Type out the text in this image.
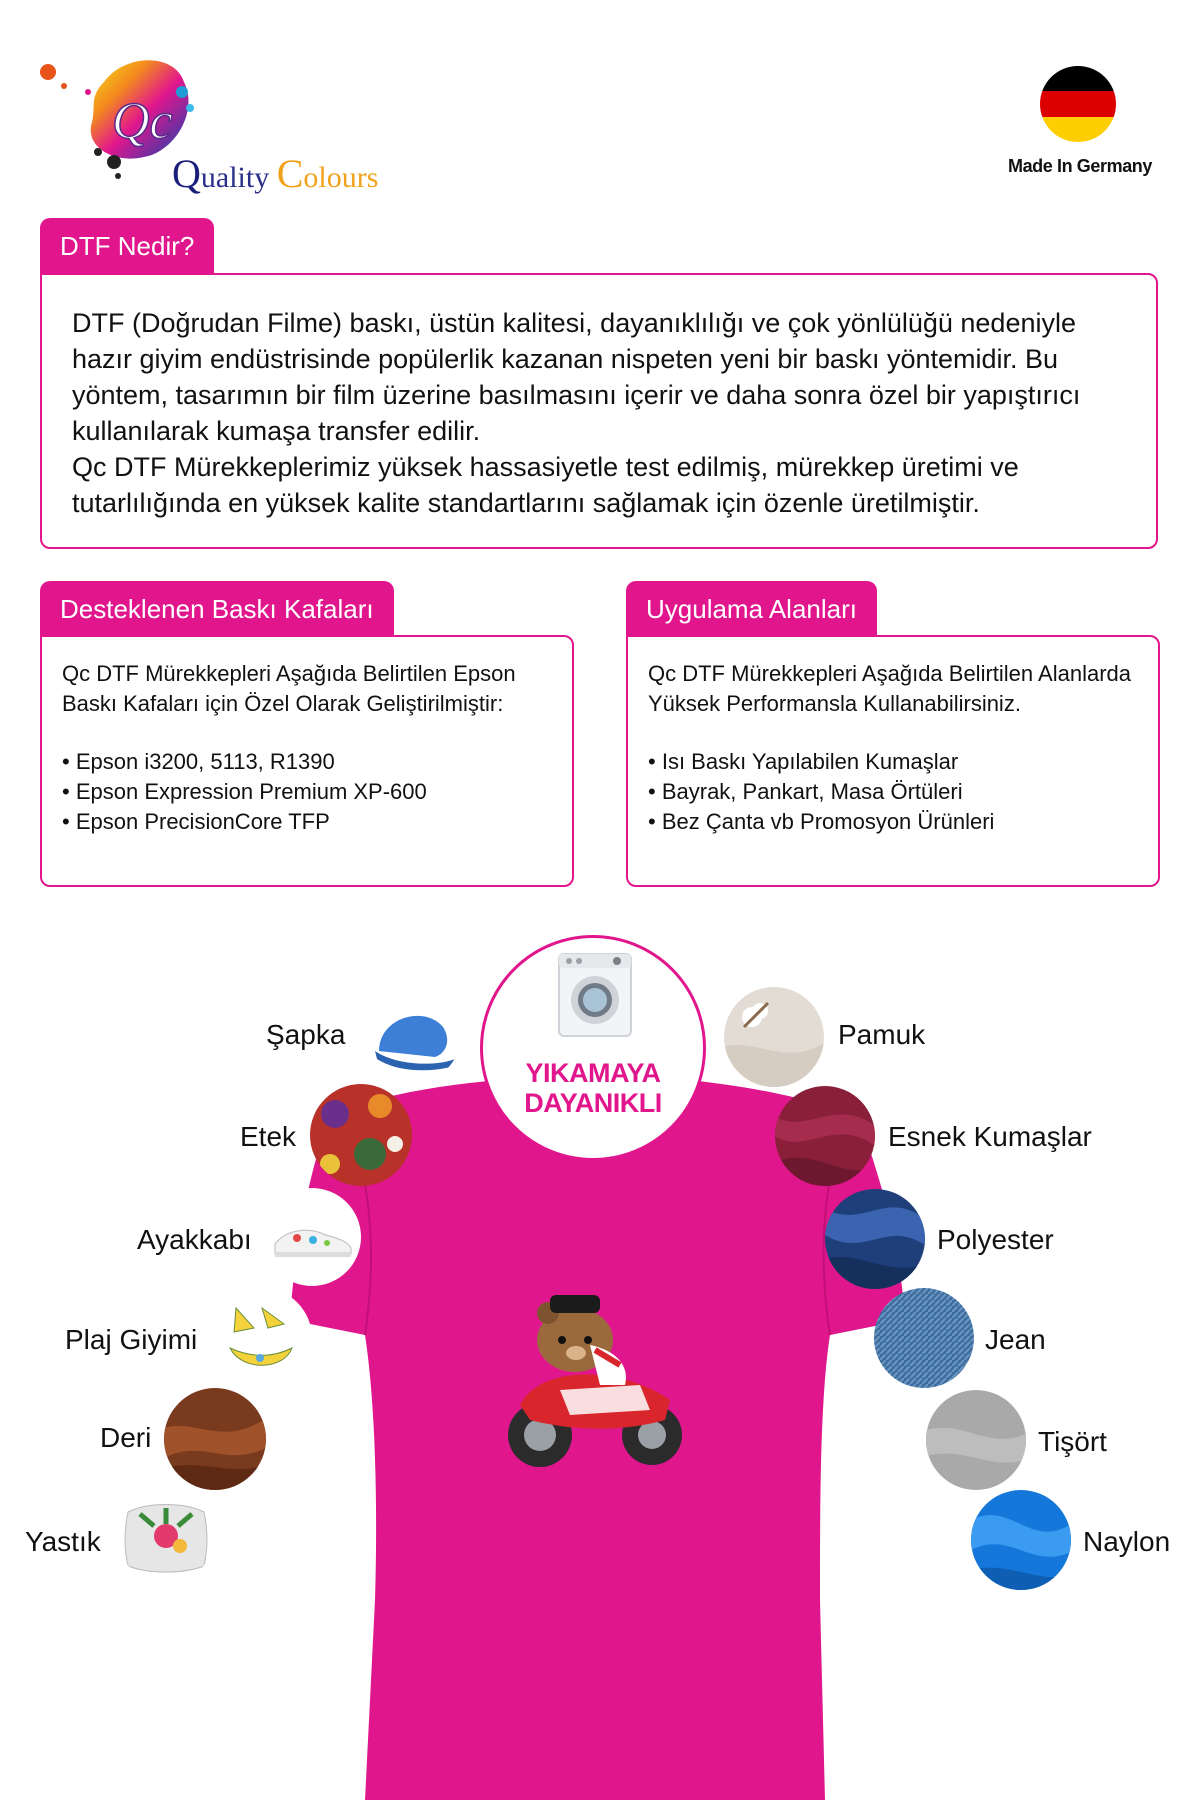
Qc
Quality Colours	Made In Germany
DTF Nedir?

DTF (Doğrudan Filme) baskı, üstün kalitesi, dayanıklılığı ve çok yönlülüğü nedeniyle hazır giyim endüstrisinde popülerlik kazanan nispeten yeni bir baskı yöntemidir. Bu yöntem, tasarımın bir film üzerine basılmasını içerir ve daha sonra özel bir yapıştırıcı kullanılarak kumaşa transfer edilir.

Qc DTF Mürekkeplerimiz yüksek hassasiyetle test edilmiş, mürekkep üretimi ve tutarlılığında en yüksek kalite standartlarını sağlamak için özenle üretilmiştir.

Desteklenen Baskı Kafaları

Qc DTF Mürekkepleri Aşağıda Belirtilen Epson Baskı Kafaları için Özel Olarak Geliştirilmiştir:

• Epson i3200, 5113, R1390
• Epson Expression Premium XP-600
• Epson PrecisionCore TFP
Uygulama Alanları

Qc DTF Mürekkepleri Aşağıda Belirtilen Alanlarda Yüksek Performansla Kullanabilirsiniz.

• Isı Baskı Yapılabilen Kumaşlar
• Bayrak, Pankart, Masa Örtüleri
• Bez Çanta vb Promosyon Ürünleri
YIKAMAYA
DAYANIKLI
Şapka
Etek
Ayakkabı
Plaj Giyimi
Deri
Yastık
Pamuk
Esnek Kumaşlar
Polyester
Jean
Tişört
Naylon
